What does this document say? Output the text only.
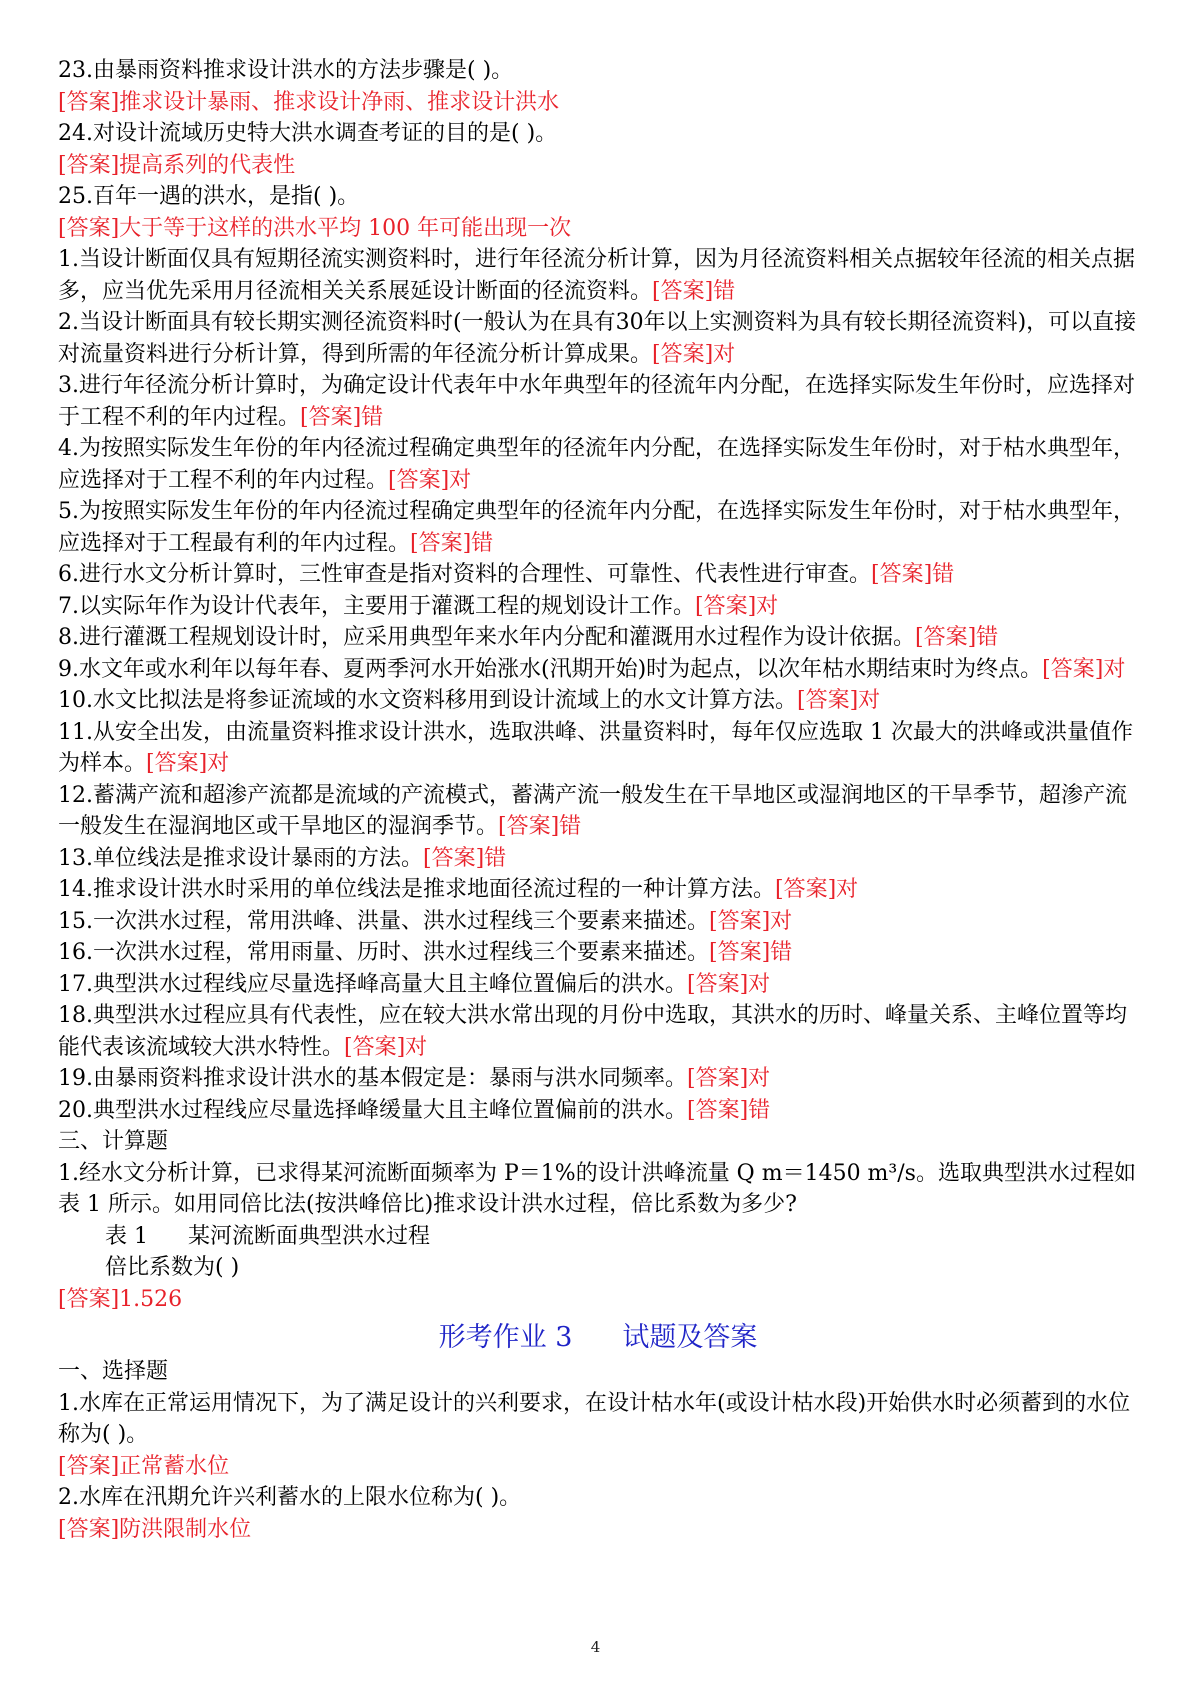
23.由暴雨资料推求设计洪水的方法步骤是( )。

[答案]推求设计暴雨、推求设计净雨、推求设计洪水

24.对设计流域历史特大洪水调查考证的目的是( )。

[答案]提高系列的代表性

25.百年一遇的洪水，是指( )。

[答案]大于等于这样的洪水平均 100 年可能出现一次

1.当设计断面仅具有短期径流实测资料时，进行年径流分析计算，因为月径流资料相关点据较年径流的相关点据多，应当优先采用月径流相关关系展延设计断面的径流资料。[答案]错

2.当设计断面具有较长期实测径流资料时(一般认为在具有30年以上实测资料为具有较长期径流资料)，可以直接对流量资料进行分析计算，得到所需的年径流分析计算成果。[答案]对

3.进行年径流分析计算时，为确定设计代表年中水年典型年的径流年内分配，在选择实际发生年份时，应选择对于工程不利的年内过程。[答案]错

4.为按照实际发生年份的年内径流过程确定典型年的径流年内分配，在选择实际发生年份时，对于枯水典型年，应选择对于工程不利的年内过程。[答案]对

5.为按照实际发生年份的年内径流过程确定典型年的径流年内分配，在选择实际发生年份时，对于枯水典型年，应选择对于工程最有利的年内过程。[答案]错

6.进行水文分析计算时，三性审查是指对资料的合理性、可靠性、代表性进行审查。[答案]错

7.以实际年作为设计代表年，主要用于灌溉工程的规划设计工作。[答案]对

8.进行灌溉工程规划设计时，应采用典型年来水年内分配和灌溉用水过程作为设计依据。[答案]错

9.水文年或水利年以每年春、夏两季河水开始涨水(汛期开始)时为起点，以次年枯水期结束时为终点。[答案]对

10.水文比拟法是将参证流域的水文资料移用到设计流域上的水文计算方法。[答案]对

11.从安全出发，由流量资料推求设计洪水，选取洪峰、洪量资料时，每年仅应选取 1 次最大的洪峰或洪量值作为样本。[答案]对

12.蓄满产流和超渗产流都是流域的产流模式，蓄满产流一般发生在干旱地区或湿润地区的干旱季节，超渗产流一般发生在湿润地区或干旱地区的湿润季节。[答案]错

13.单位线法是推求设计暴雨的方法。[答案]错

14.推求设计洪水时采用的单位线法是推求地面径流过程的一种计算方法。[答案]对

15.一次洪水过程，常用洪峰、洪量、洪水过程线三个要素来描述。[答案]对

16.一次洪水过程，常用雨量、历时、洪水过程线三个要素来描述。[答案]错

17.典型洪水过程线应尽量选择峰高量大且主峰位置偏后的洪水。[答案]对

18.典型洪水过程应具有代表性，应在较大洪水常出现的月份中选取，其洪水的历时、峰量关系、主峰位置等均能代表该流域较大洪水特性。[答案]对

19.由暴雨资料推求设计洪水的基本假定是：暴雨与洪水同频率。[答案]对

20.典型洪水过程线应尽量选择峰缓量大且主峰位置偏前的洪水。[答案]错

三、计算题

1.经水文分析计算，已求得某河流断面频率为 P＝1%的设计洪峰流量 Q m＝1450 m³/s。选取典型洪水过程如表 1 所示。如用同倍比法(按洪峰倍比)推求设计洪水过程，倍比系数为多少?

表 1 某河流断面典型洪水过程

倍比系数为( )

[答案]1.526

形考作业 3 试题及答案

一、选择题

1.水库在正常运用情况下，为了满足设计的兴利要求，在设计枯水年(或设计枯水段)开始供水时必须蓄到的水位称为( )。

[答案]正常蓄水位

2.水库在汛期允许兴利蓄水的上限水位称为( )。

[答案]防洪限制水位

4
